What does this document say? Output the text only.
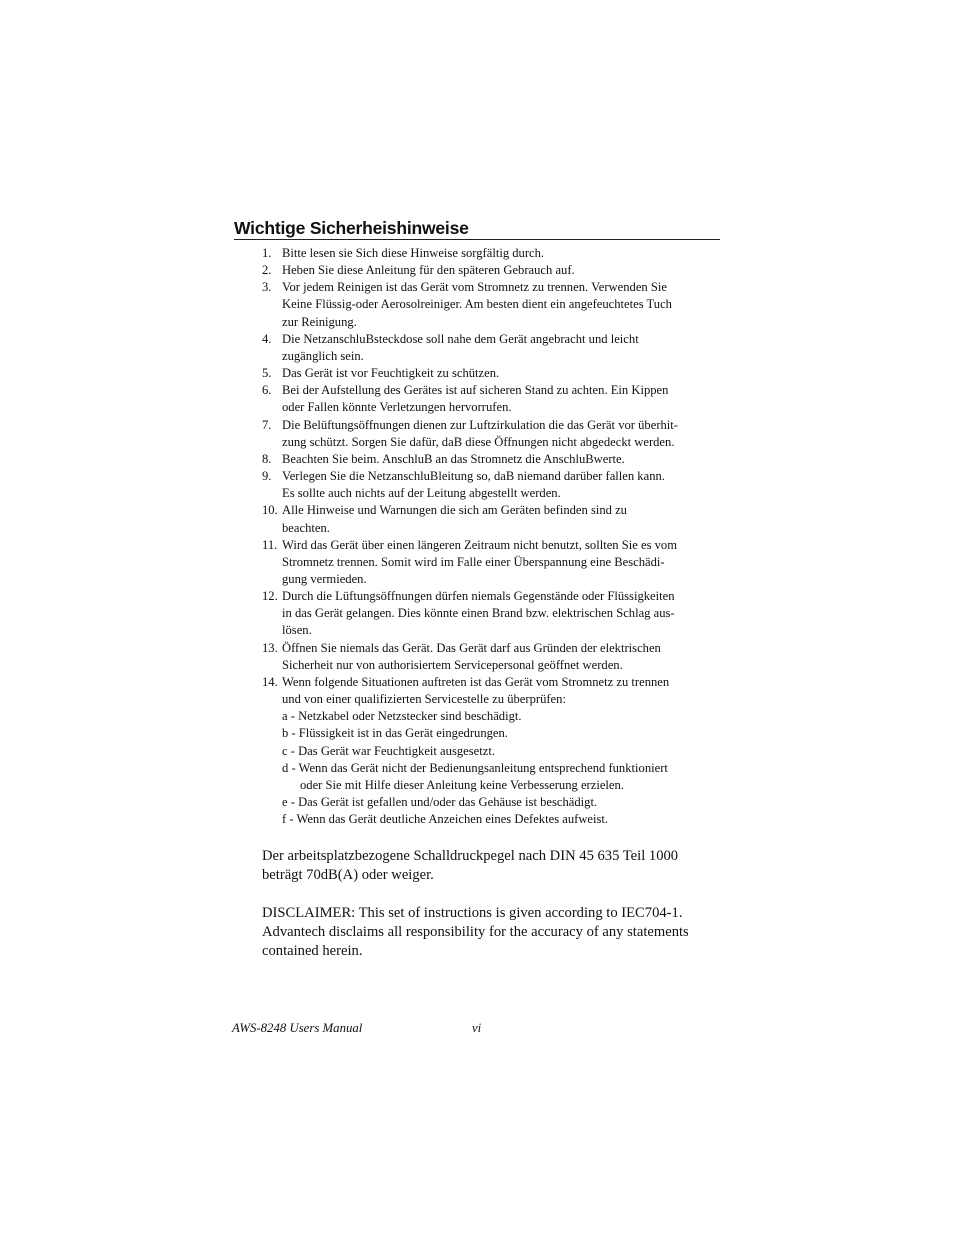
Wichtige Sicherheishinweise
1. Bitte lesen sie Sich diese Hinweise sorgfältig durch.
2. Heben Sie diese Anleitung für den späteren Gebrauch auf.
3. Vor jedem Reinigen ist das Gerät vom Stromnetz zu trennen. Verwenden Sie
Keine Flüssig-oder Aerosolreiniger. Am besten dient ein angefeuchtetes Tuch
zur Reinigung.
4. Die NetzanschluBsteckdose soll nahe dem Gerät angebracht und leicht
zugänglich sein.
5. Das Gerät ist vor Feuchtigkeit zu schützen.
6. Bei der Aufstellung des Gerätes ist auf sicheren Stand zu achten. Ein Kippen
oder Fallen könnte Verletzungen hervorrufen.
7. Die Belüftungsöffnungen dienen zur Luftzirkulation die das Gerät vor überhit-
zung schützt. Sorgen Sie dafür, daB diese Öffnungen nicht abgedeckt werden.
8. Beachten Sie beim. AnschluB an das Stromnetz die AnschluBwerte.
9. Verlegen Sie die NetzanschluBleitung so, daB niemand darüber fallen kann.
Es sollte auch nichts auf der Leitung abgestellt werden.
10. Alle Hinweise und Warnungen die sich am Geräten befinden sind zu
beachten.
11. Wird das Gerät über einen längeren Zeitraum nicht benutzt, sollten Sie es vom
Stromnetz trennen. Somit wird im Falle einer Überspannung eine Beschädi-
gung vermieden.
12. Durch die Lüftungsöffnungen dürfen niemals Gegenstände oder Flüssigkeiten
in das Gerät gelangen. Dies könnte einen Brand bzw. elektrischen Schlag aus-
lösen.
13. Öffnen Sie niemals das Gerät. Das Gerät darf aus Gründen der elektrischen
Sicherheit nur von authorisiertem Servicepersonal geöffnet werden.
14. Wenn folgende Situationen auftreten ist das Gerät vom Stromnetz zu trennen
und von einer qualifizierten Servicestelle zu überprüfen:
a - Netzkabel oder Netzstecker sind beschädigt.
b - Flüssigkeit ist in das Gerät eingedrungen.
c - Das Gerät war Feuchtigkeit ausgesetzt.
d - Wenn das Gerät nicht der Bedienungsanleitung entsprechend funktioniert
oder Sie mit Hilfe dieser Anleitung keine Verbesserung erzielen.
e - Das Gerät ist gefallen und/oder das Gehäuse ist beschädigt.
f - Wenn das Gerät deutliche Anzeichen eines Defektes aufweist.
Der arbeitsplatzbezogene Schalldruckpegel nach DIN 45 635 Teil 1000
beträgt 70dB(A) oder weiger.
DISCLAIMER: This set of instructions is given according to IEC704-1.
Advantech disclaims all responsibility for the accuracy of any statements
contained herein.
AWS-8248 Users Manual	vi
